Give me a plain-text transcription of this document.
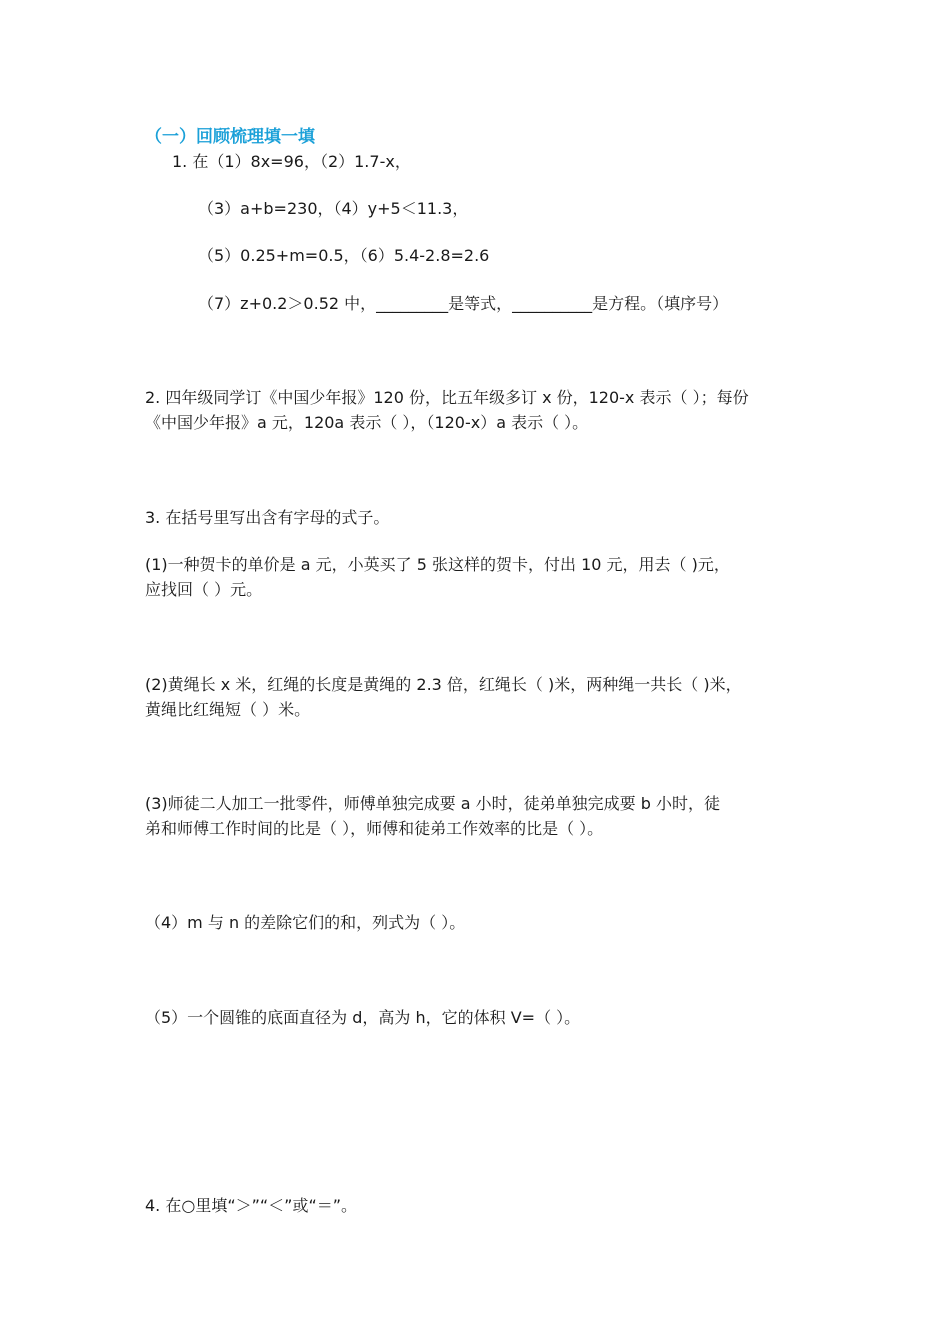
（一）回顾梳理填一填
1. 在（1）8x=96，（2）1.7-x，
（3）a+b=230，（4）y+5＜11.3，
（5）0.25+m=0.5，（6）5.4-2.8=2.6
（7）z+0.2＞0.52 中，_________是等式，__________是方程。（填序号）
2. 四年级同学订《中国少年报》120 份，比五年级多订 x 份，120-x 表示（ ）；每份
《中国少年报》a 元，120a 表示（ ），（120-x）a 表示（ ）。
3. 在括号里写出含有字母的式子。
(1)一种贺卡的单价是 a 元，小英买了 5 张这样的贺卡，付出 10 元，用去（ )元，
应找回（ ）元。
(2)黄绳长 x 米，红绳的长度是黄绳的 2.3 倍，红绳长（ )米，两种绳一共长（ )米，
黄绳比红绳短（ ）米。
(3)师徒二人加工一批零件，师傅单独完成要 a 小时，徒弟单独完成要 b 小时，徒
弟和师傅工作时间的比是（ ），师傅和徒弟工作效率的比是（ ）。
（4）m 与 n 的差除它们的和，列式为（ ）。
（5）一个圆锥的底面直径为 d，高为 h，它的体积 V=（ ）。
4. 在○里填“＞”“＜”或“＝”。
